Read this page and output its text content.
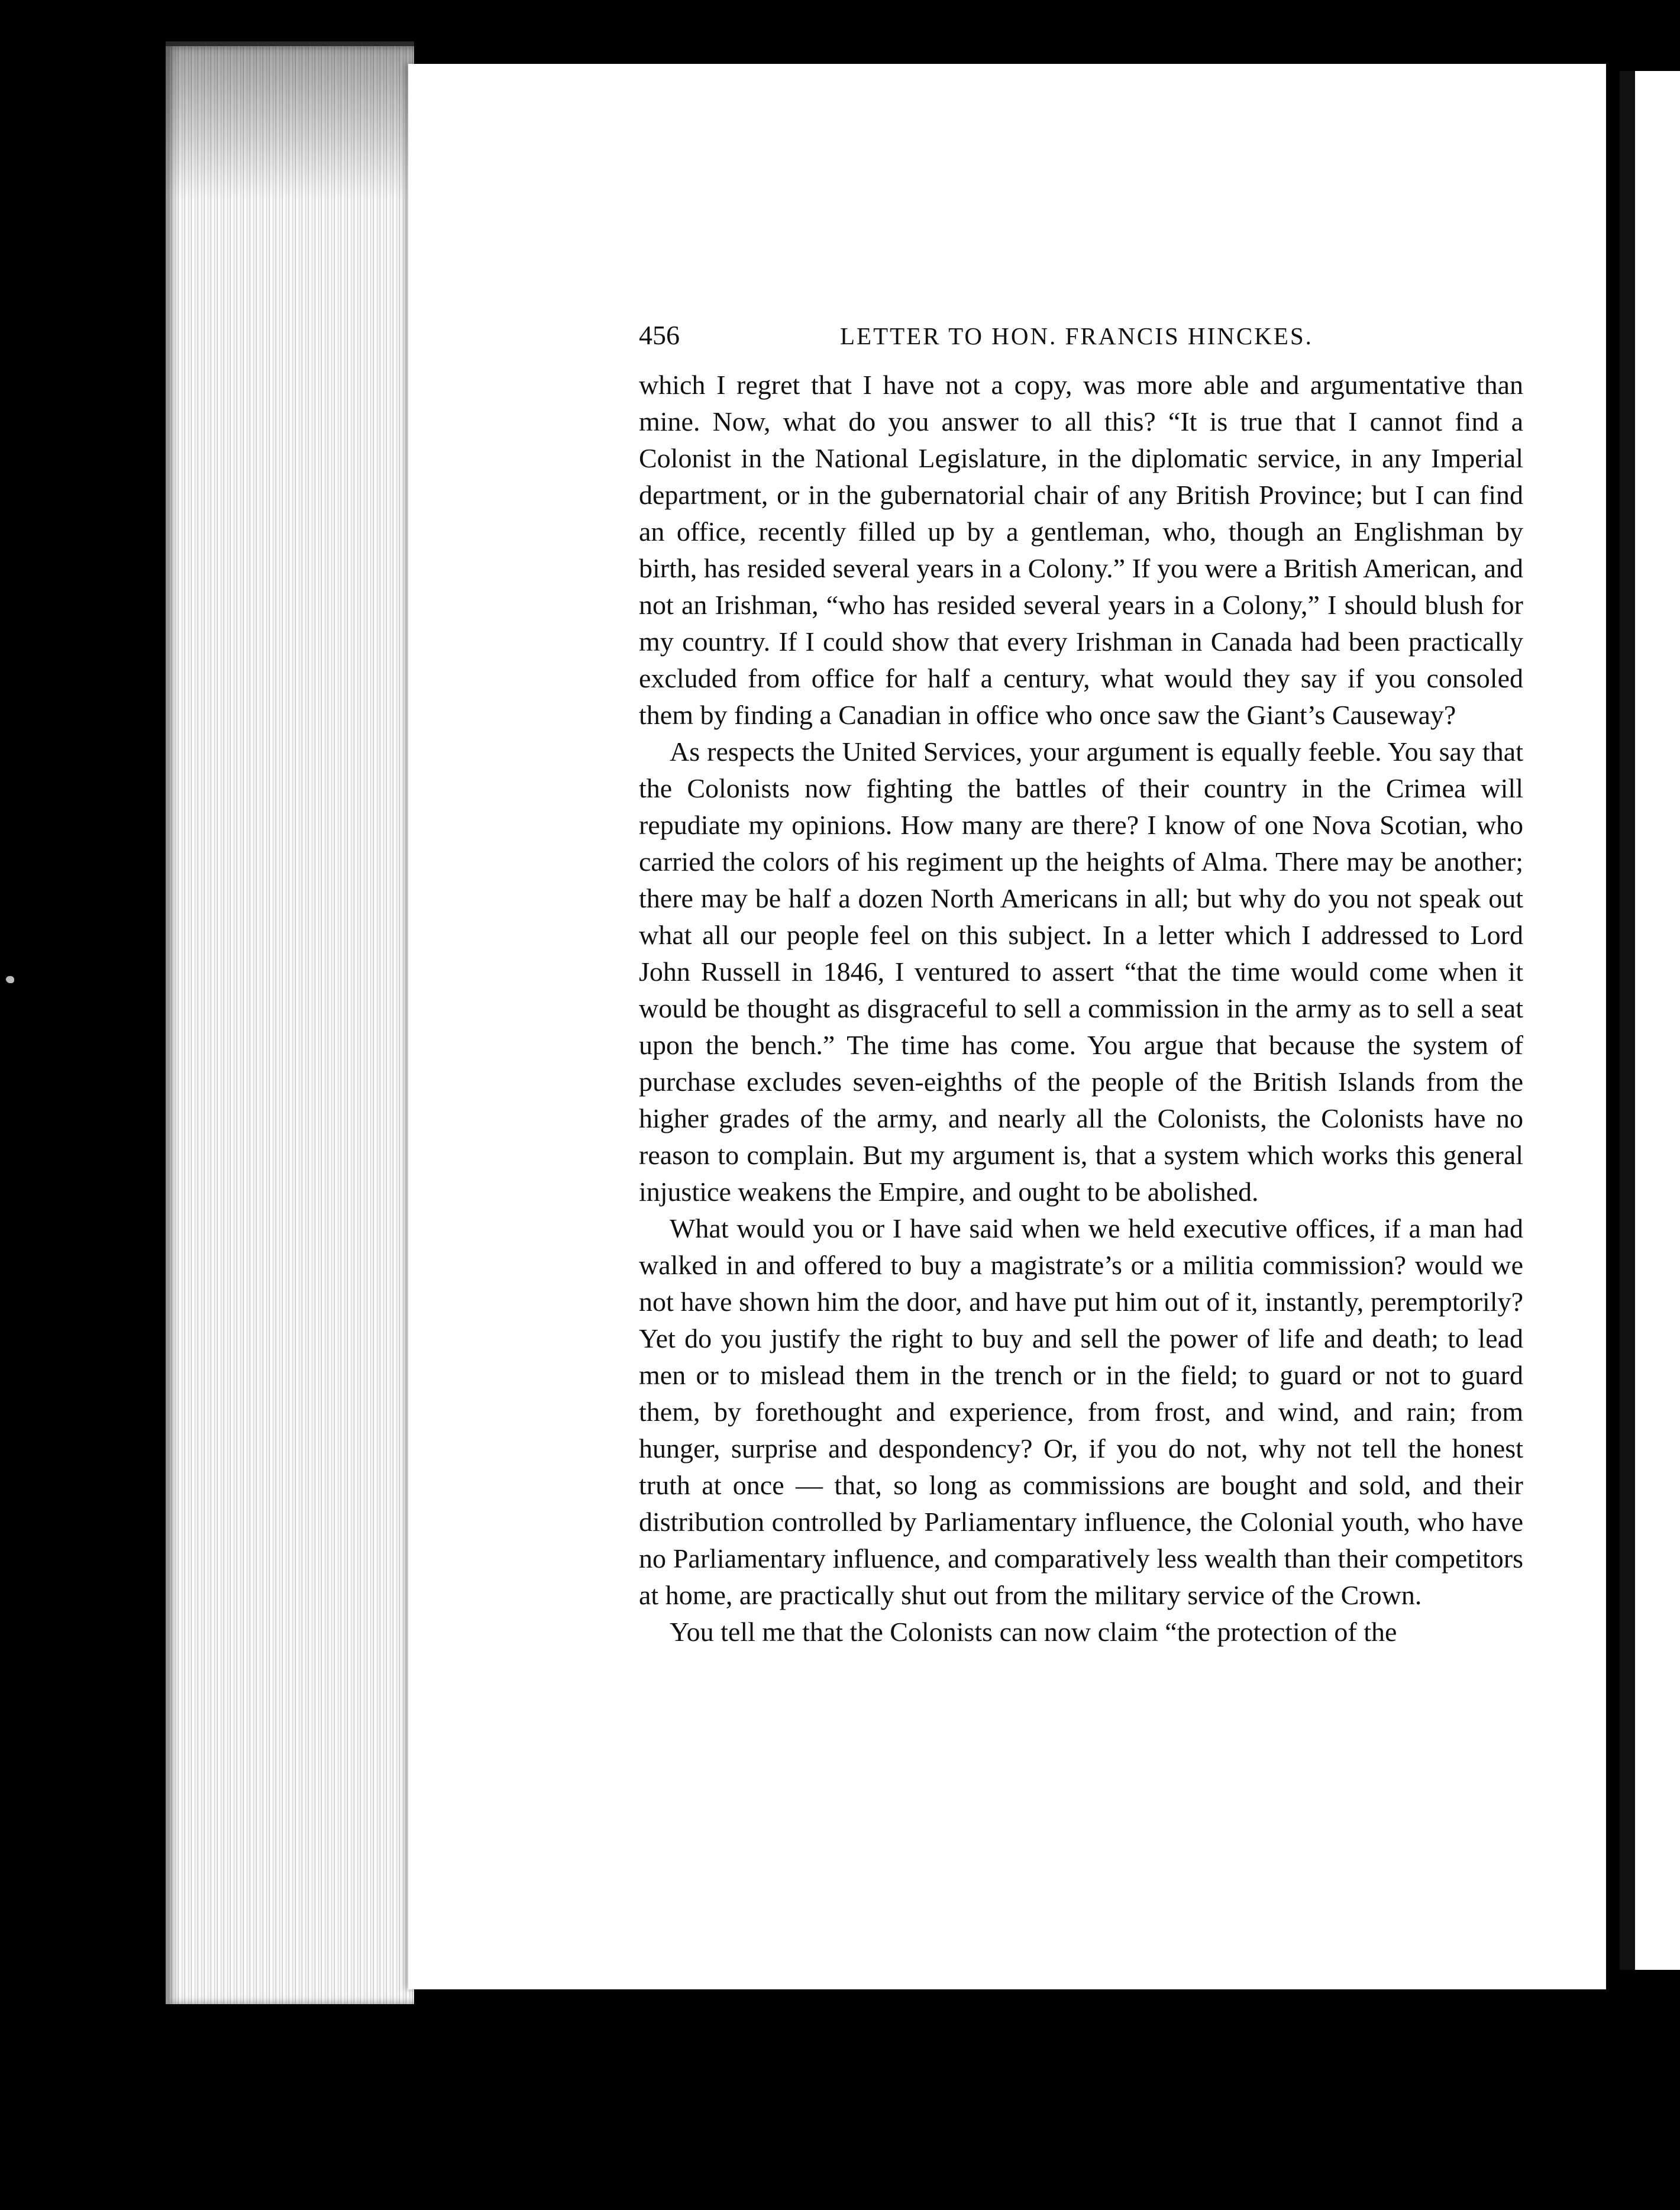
456	LETTER TO HON. FRANCIS HINCKES.

which I regret that I have not a copy, was more able and argumentative than mine. Now, what do you answer to all this? “It is true that I cannot find a Colonist in the National Legislature, in the diplomatic service, in any Imperial department, or in the gubernatorial chair of any British Province; but I can find an office, recently filled up by a gentleman, who, though an Englishman by birth, has resided several years in a Colony.” If you were a British American, and not an Irishman, “who has resided several years in a Colony,” I should blush for my country. If I could show that every Irishman in Canada had been practically excluded from office for half a century, what would they say if you consoled them by finding a Canadian in office who once saw the Giant’s Causeway?

As respects the United Services, your argument is equally feeble. You say that the Colonists now fighting the battles of their country in the Crimea will repudiate my opinions. How many are there? I know of one Nova Scotian, who carried the colors of his regiment up the heights of Alma. There may be another; there may be half a dozen North Americans in all; but why do you not speak out what all our people feel on this subject. In a letter which I addressed to Lord John Russell in 1846, I ventured to assert “that the time would come when it would be thought as disgraceful to sell a commission in the army as to sell a seat upon the bench.” The time has come. You argue that because the system of purchase excludes seven-eighths of the people of the British Islands from the higher grades of the army, and nearly all the Colonists, the Colonists have no reason to complain. But my argument is, that a system which works this general injustice weakens the Empire, and ought to be abolished.

What would you or I have said when we held executive offices, if a man had walked in and offered to buy a magistrate’s or a militia commission? would we not have shown him the door, and have put him out of it, instantly, peremptorily? Yet do you justify the right to buy and sell the power of life and death; to lead men or to mislead them in the trench or in the field; to guard or not to guard them, by forethought and experience, from frost, and wind, and rain; from hunger, surprise and despondency? Or, if you do not, why not tell the honest truth at once — that, so long as commissions are bought and sold, and their distribution controlled by Parliamentary influence, the Colonial youth, who have no Parliamentary influence, and comparatively less wealth than their competitors at home, are practically shut out from the military service of the Crown.

You tell me that the Colonists can now claim “the protection of the
